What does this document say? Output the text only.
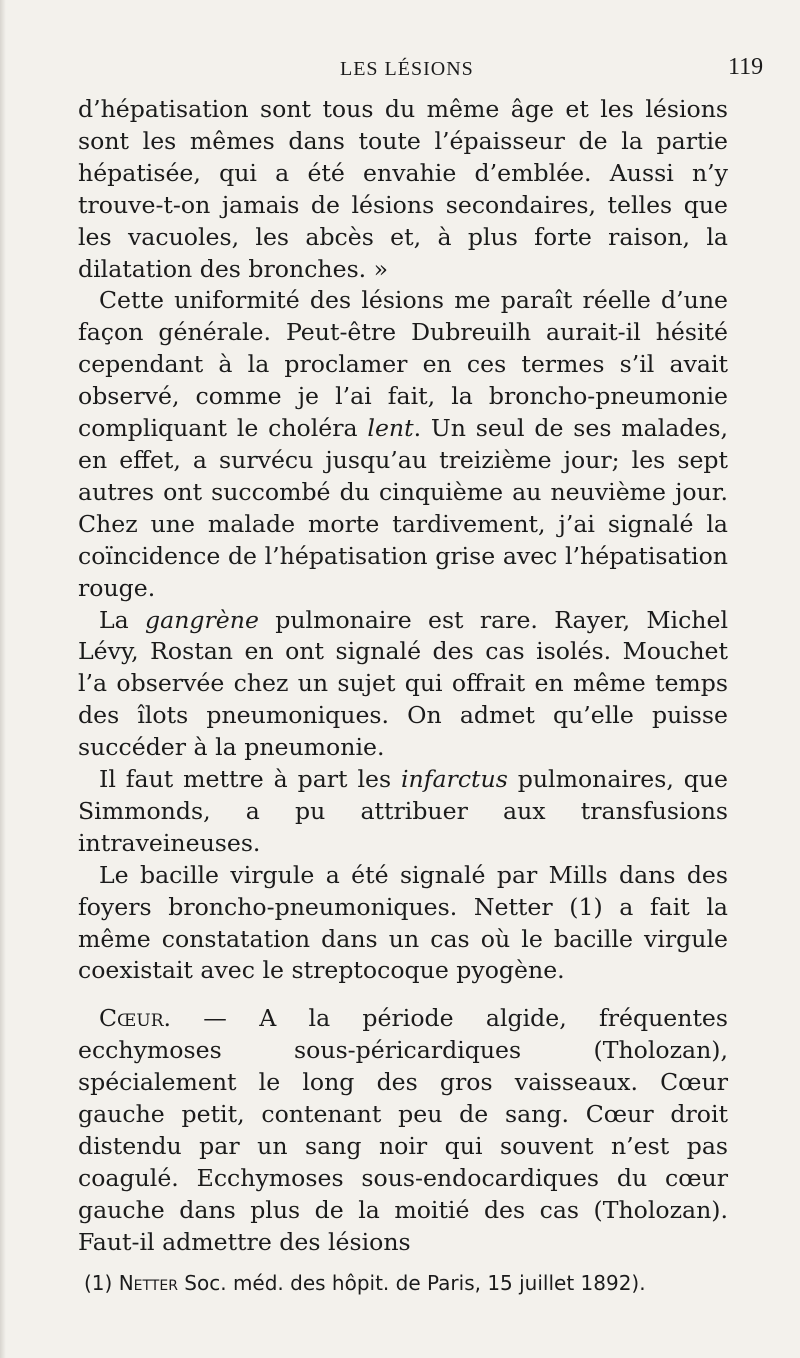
LES LÉSIONS	119

d’hépatisation sont tous du même âge et les lésions sont les mêmes dans toute l’épaisseur de la partie hépatisée, qui a été envahie d’emblée. Aussi n’y trouve-t-on jamais de lésions secondaires, telles que les vacuoles, les abcès et, à plus forte raison, la dilatation des bronches. »

Cette uniformité des lésions me paraît réelle d’une façon générale. Peut-être Dubreuilh aurait-il hésité cependant à la proclamer en ces termes s’il avait observé, comme je l’ai fait, la broncho-pneumonie compliquant le choléra lent. Un seul de ses malades, en effet, a survécu jusqu’au treizième jour; les sept autres ont succombé du cinquième au neuvième jour. Chez une malade morte tardivement, j’ai signalé la coïncidence de l’hépatisation grise avec l’hépatisation rouge.

La gangrène pulmonaire est rare. Rayer, Michel Lévy, Rostan en ont signalé des cas isolés. Mouchet l’a observée chez un sujet qui offrait en même temps des îlots pneumoniques. On admet qu’elle puisse succéder à la pneumonie.

Il faut mettre à part les infarctus pulmonaires, que Simmonds, a pu attribuer aux transfusions intraveineuses.

Le bacille virgule a été signalé par Mills dans des foyers broncho-pneumoniques. Netter (1) a fait la même constatation dans un cas où le bacille virgule coexistait avec le streptocoque pyogène.

Cœur. — A la période algide, fréquentes ecchymoses sous-péricardiques (Tholozan), spécialement le long des gros vaisseaux. Cœur gauche petit, contenant peu de sang. Cœur droit distendu par un sang noir qui souvent n’est pas coagulé. Ecchymoses sous-endocardiques du cœur gauche dans plus de la moitié des cas (Tholozan). Faut-il admettre des lésions

(1) Netter Soc. méd. des hôpit. de Paris, 15 juillet 1892).
